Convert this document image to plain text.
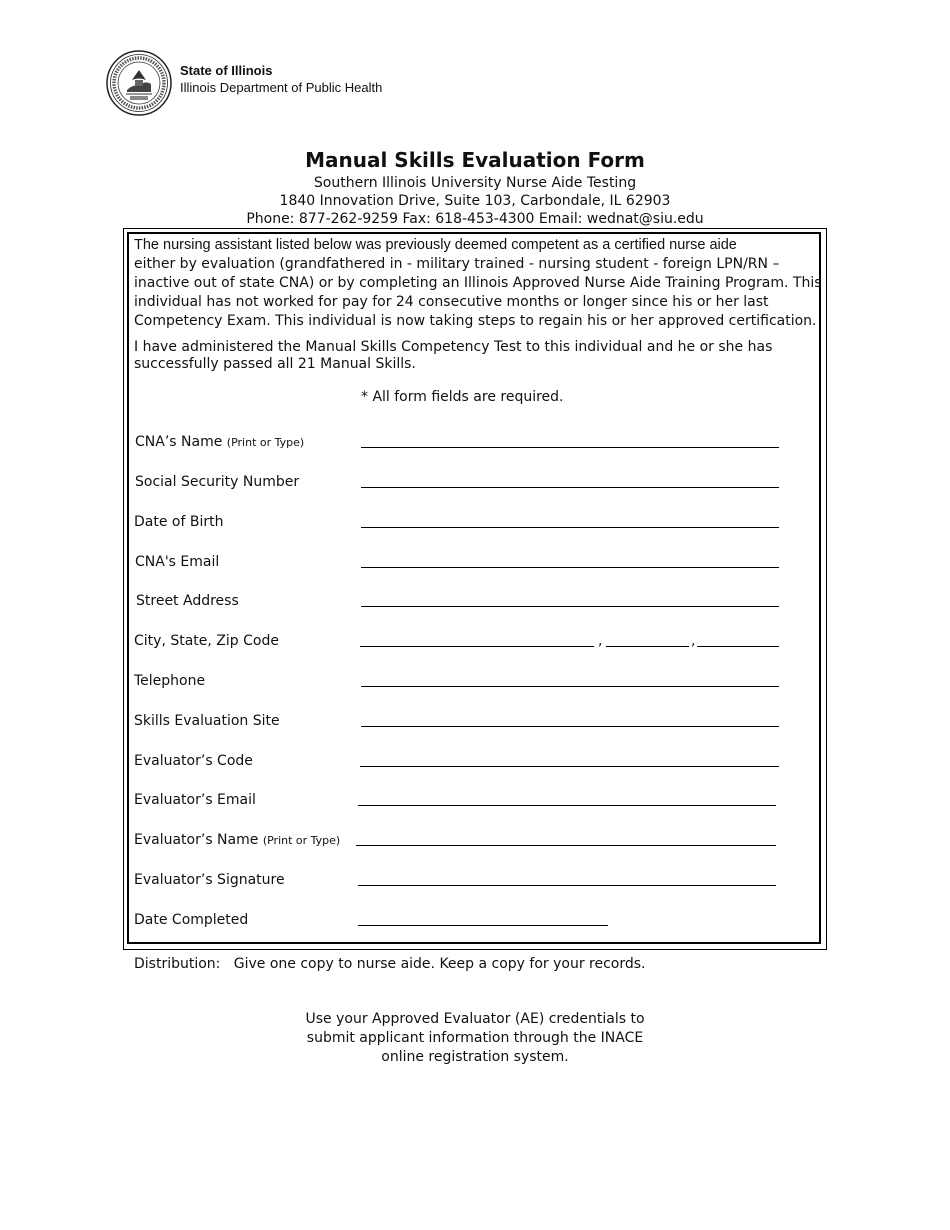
State of Illinois
Illinois Department of Public Health
Manual Skills Evaluation Form
Southern Illinois University Nurse Aide Testing
1840 Innovation Drive, Suite 103, Carbondale, IL 62903
Phone: 877-262-9259 Fax: 618-453-4300 Email: wednat@siu.edu
The nursing assistant listed below was previously deemed competent as a certified nurse aide
either by evaluation (grandfathered in - military trained - nursing student - foreign LPN/RN – inactive out of state CNA) or by completing an Illinois Approved Nurse Aide Training Program. This individual has not worked for pay for 24 consecutive months or longer since his or her last Competency Exam. This individual is now taking steps to regain his or her approved certification.
I have administered the Manual Skills Competency Test to this individual and he or she has successfully passed all 21 Manual Skills.
* All form fields are required.
CNA’s Name (Print or Type)
Social Security Number
Date of Birth
CNA's Email
Street Address
City, State, Zip Code	,	,
Telephone
Skills Evaluation Site
Evaluator’s Code
Evaluator’s Email
Evaluator’s Name (Print or Type)
Evaluator’s Signature
Date Completed
Distribution:   Give one copy to nurse aide. Keep a copy for your records.
Use your Approved Evaluator (AE) credentials to
submit applicant information through the INACE
online registration system.
